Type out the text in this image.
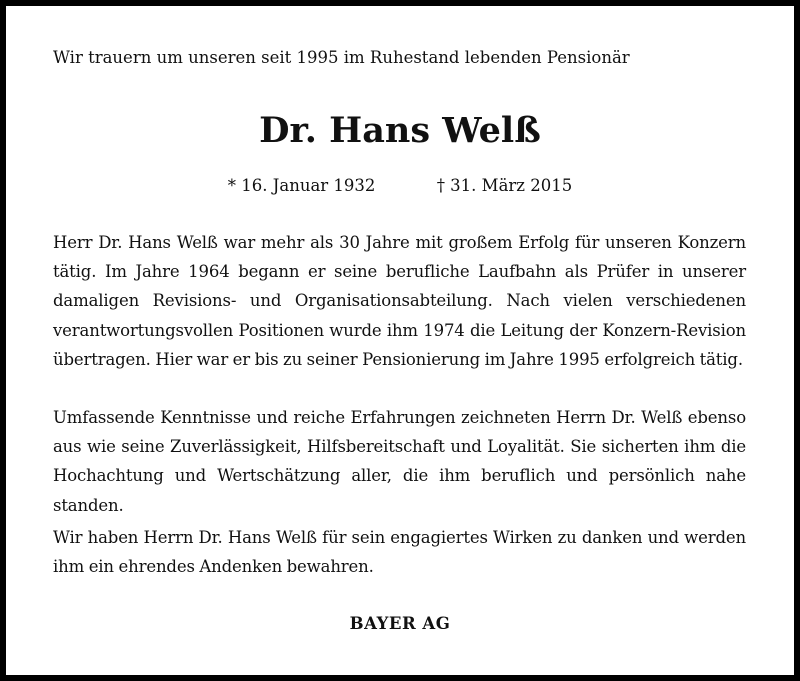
Wir trauern um unseren seit 1995 im Ruhestand lebenden Pensionär
Dr. Hans Welß
* 16. Januar 1932	† 31. März 2015

Herr Dr. Hans Welß war mehr als 30 Jahre mit großem Erfolg für unseren Konzern tätig. Im Jahre 1964 begann er seine berufliche Laufbahn als Prüfer in unserer damaligen Revisions- und Organisationsabteilung. Nach vielen verschiedenen verantwortungsvollen Positionen wurde ihm 1974 die Leitung der Konzern-Revision übertragen. Hier war er bis zu seiner Pensionierung im Jahre 1995 erfolgreich tätig.

Umfassende Kenntnisse und reiche Erfahrungen zeichneten Herrn Dr. Welß ebenso aus wie seine Zuverlässigkeit, Hilfsbereitschaft und Loyalität. Sie sicherten ihm die Hochachtung und Wertschätzung aller, die ihm beruflich und persönlich nahe standen.

Wir haben Herrn Dr. Hans Welß für sein engagiertes Wirken zu danken und werden ihm ein ehrendes Andenken bewahren.

BAYER AG
